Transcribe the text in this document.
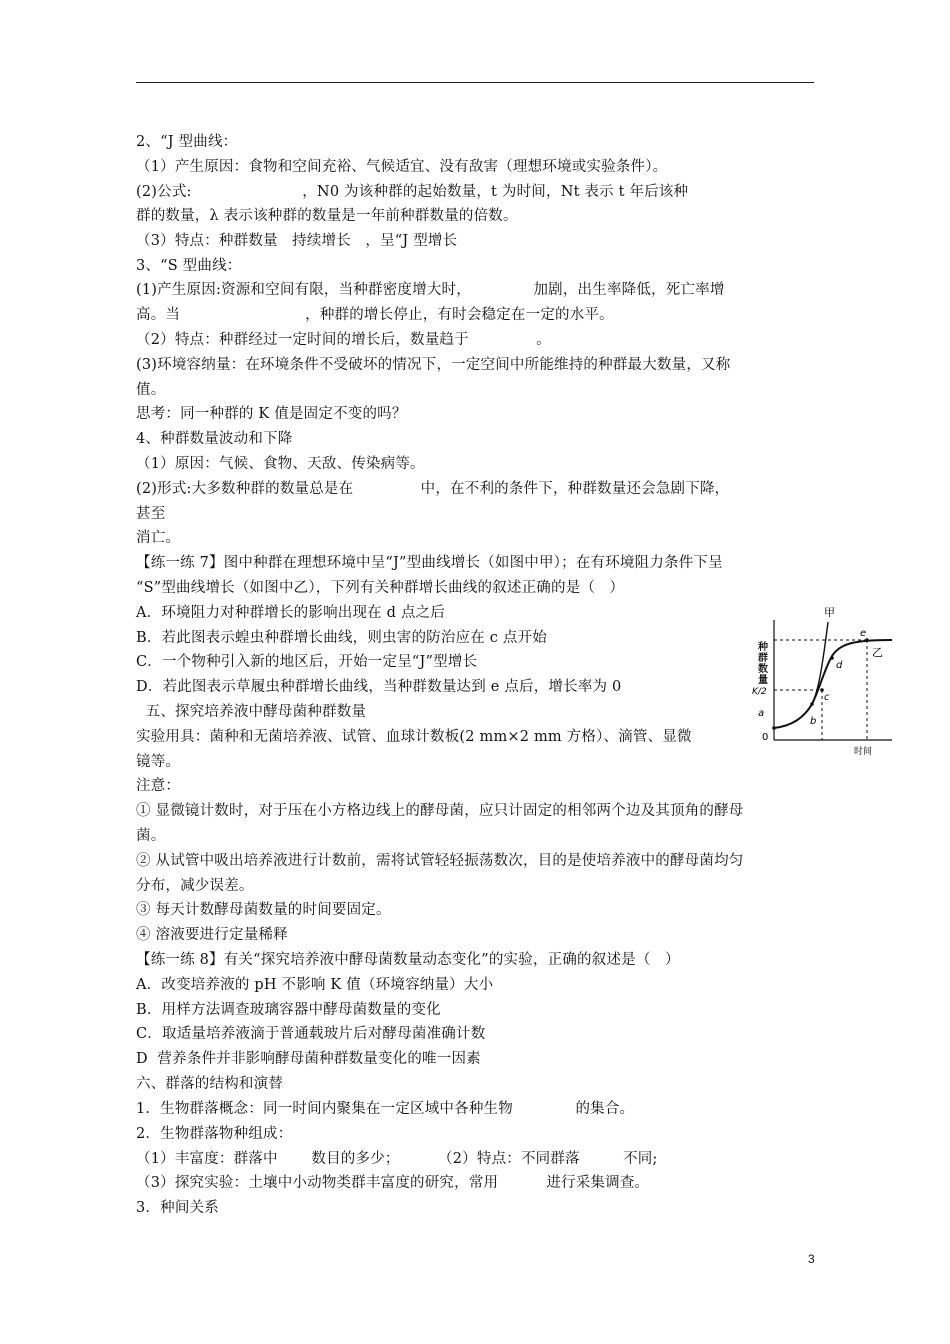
2、“J 型曲线：
（1）产生原因：食物和空间充裕、气候适宜、没有敌害（理想环境或实验条件）。
(2)公式:                       ，N0 为该种群的起始数量，t 为时间，Nt 表示 t 年后该种
群的数量，λ 表示该种群的数量是一年前种群数量的倍数。
（3）特点：种群数量   持续增长   ，呈“J 型增长
3、“S 型曲线：
(1)产生原因:资源和空间有限，当种群密度增大时，             加剧，出生率降低，死亡率增
高。当                          ，种群的增长停止，有时会稳定在一定的水平。
（2）特点：种群经过一定时间的增长后，数量趋于              。
(3)环境容纳量：在环境条件不受破坏的情况下，一定空间中所能维持的种群最大数量，又称
值。
思考：同一种群的 K 值是固定不变的吗？
4、种群数量波动和下降
（1）原因：气候、食物、天敌、传染病等。
(2)形式:大多数种群的数量总是在              中，在不利的条件下，种群数量还会急剧下降，
甚至
消亡。
【练一练 7】图中种群在理想环境中呈“J”型曲线增长（如图中甲）；在有环境阻力条件下呈
“S”型曲线增长（如图中乙），下列有关种群增长曲线的叙述正确的是（   ）
A．环境阻力对种群增长的影响出现在 d 点之后
B．若此图表示蝗虫种群增长曲线，则虫害的防治应在 c 点开始
C．一个物种引入新的地区后，开始一定呈“J”型增长
D．若此图表示草履虫种群增长曲线，当种群数量达到 e 点后，增长率为 0
五、探究培养液中酵母菌种群数量
实验用具：菌种和无菌培养液、试管、血球计数板(2 mm×2 mm 方格）、滴管、显微
镜等。
注意：
① 显微镜计数时，对于压在小方格边线上的酵母菌，应只计固定的相邻两个边及其顶角的酵母
菌。
② 从试管中吸出培养液进行计数前，需将试管轻轻振荡数次，目的是使培养液中的酵母菌均匀
分布，减少误差。
③ 每天计数酵母菌数量的时间要固定。
④ 溶液要进行定量稀释
【练一练 8】有关“探究培养液中酵母菌数量动态变化”的实验，正确的叙述是（   ）
A．改变培养液的 pH 不影响 K 值（环境容纳量）大小
B．用样方法调查玻璃容器中酵母菌数量的变化
C．取适量培养液滴于普通载玻片后对酵母菌准确计数
D  营养条件并非影响酵母菌种群数量变化的唯一因素
六、群落的结构和演替
1．生物群落概念：同一时间内聚集在一定区域中各种生物             的集合。
2．生物群落物种组成：
（1）丰富度：群落中       数目的多少；        （2）特点：不同群落         不同;
（3）探究实验：土壤中小动物类群丰富度的研究，常用          进行采集调查。
3．种间关系
甲
乙
0
a
b
c
d
e
K/2
时间
种群数量
3
